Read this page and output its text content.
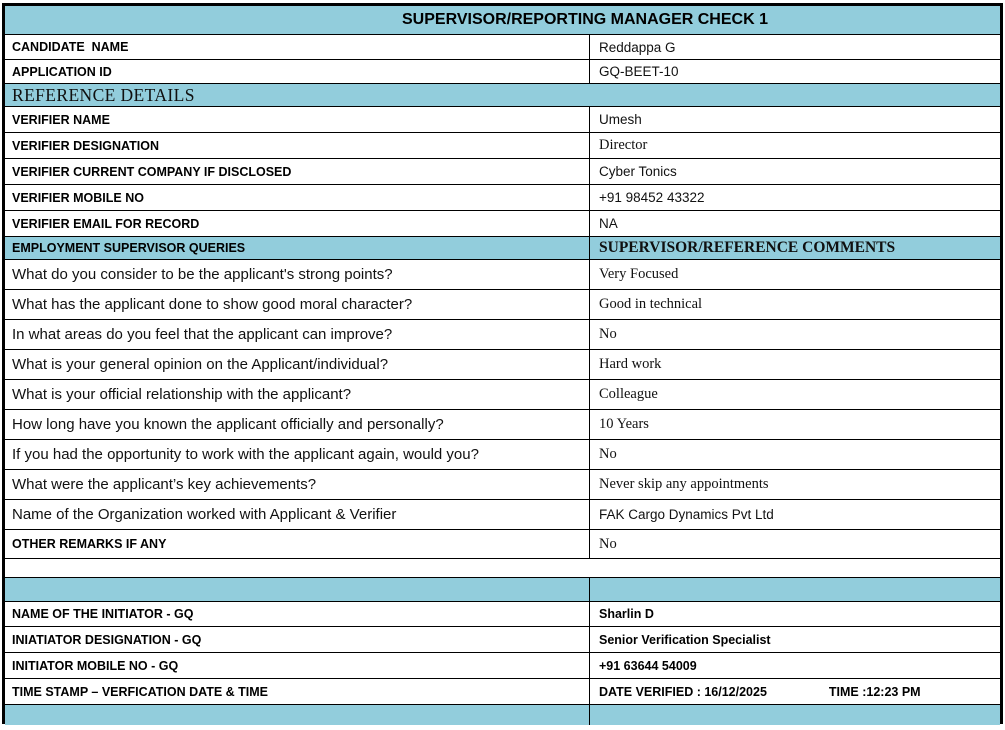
SUPERVISOR/REPORTING MANAGER CHECK 1
CANDIDATE  NAME	Reddappa G
APPLICATION ID	GQ-BEET-10
REFERENCE DETAILS
VERIFIER NAME	Umesh
VERIFIER DESIGNATION	Director
VERIFIER CURRENT COMPANY IF DISCLOSED	Cyber Tonics
VERIFIER MOBILE NO	+91 98452 43322
VERIFIER EMAIL FOR RECORD	NA
EMPLOYMENT SUPERVISOR QUERIES	SUPERVISOR/REFERENCE COMMENTS
What do you consider to be the applicant's strong points?	Very Focused
What has the applicant done to show good moral character?	Good in technical
In what areas do you feel that the applicant can improve?	No
What is your general opinion on the Applicant/individual?	Hard work
What is your official relationship with the applicant?	Colleague
How long have you known the applicant officially and personally?	10 Years
If you had the opportunity to work with the applicant again, would you?	No
What were the applicant’s key achievements?	Never skip any appointments
Name of the Organization worked with Applicant & Verifier	FAK Cargo Dynamics Pvt Ltd
OTHER REMARKS IF ANY	No
NAME OF THE INITIATOR - GQ	Sharlin D
INIATIATOR DESIGNATION - GQ	Senior Verification Specialist
INITIATOR MOBILE NO - GQ	+91 63644 54009
TIME STAMP – VERFICATION DATE & TIME	DATE VERIFIED : 16/12/2025	TIME :12:23 PM
